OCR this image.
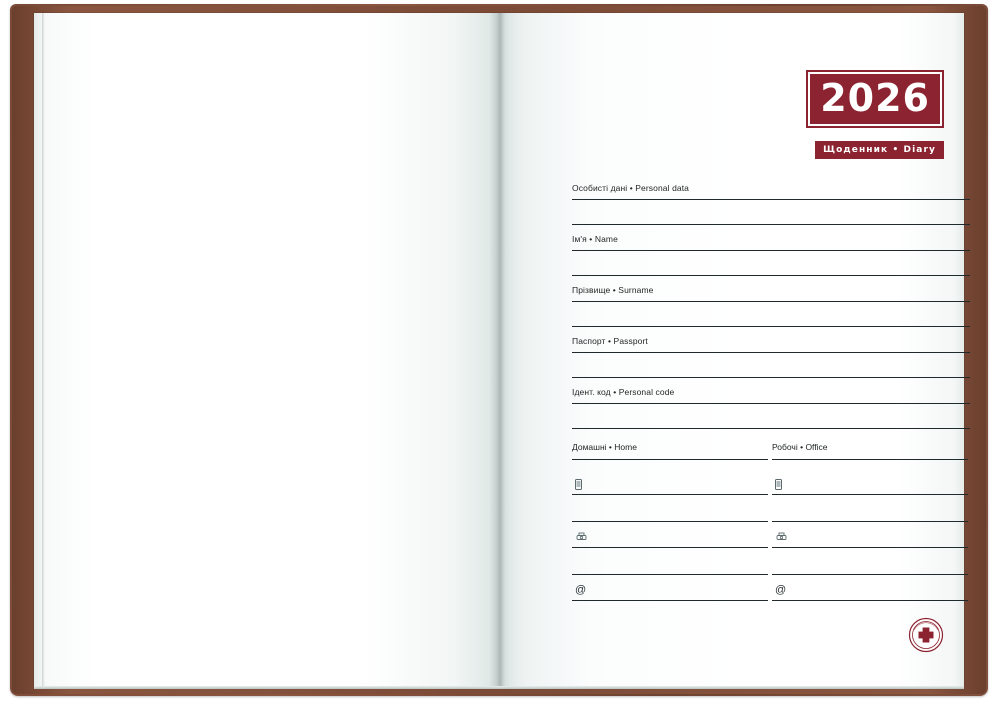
2026
Щоденник • Diary
Особисті дані • Personal data
Ім'я • Name
Прізвище • Surname
Паспорт • Passport
Ідент. код • Personal code
Домашні • Home
@
Робочі • Office
@
